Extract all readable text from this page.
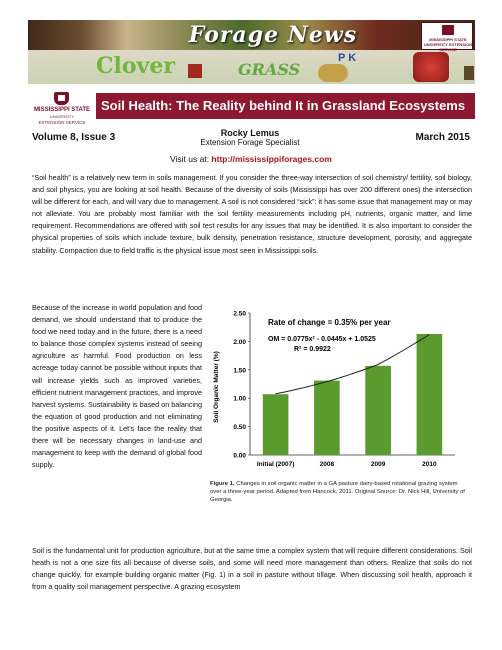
Forage News	MISSISSIPPI STATE UNIVERSITY EXTENSION SERVICE
Clover	GRASS
P K
MISSISSIPPI STATE
UNIVERSITY
EXTENSION SERVICE
Soil Health: The Reality behind It in Grassland Ecosystems
Volume 8, Issue 3	Rocky Lemus
Extension Forage Specialist	March 2015
Visit us at: http://mississippiforages.com
“Soil health” is a relatively new term in soils management. If you consider the three-way intersection of soil chemistry/ fertility, soil biology, and soil physics, you are looking at soil health. Because of the diversity of soils (Mississippi has over 200 different ones) the intersection will be different for each, and will vary due to management. A soil is not considered “sick”: it has some issue that management may or may not alleviate. You are probably most familiar with the soil fertility measurements including pH, nutrients, organic matter, and lime requirement. Recommendations are offered with soil test results for any issues that may be identified. It is also important to consider the physical properties of soils which include texture, bulk density, penetration resistance, structure development, porosity, and aggregate stability. Compaction due to field traffic is the physical issue most seen in Mississippi soils.
Because of the increase in world population and food demand, we should understand that to produce the food we need today and in the future, there is a need to balance those complex systems instead of seeing agriculture as harmful. Food production on less acreage today cannot be possible without inputs that will increase yields such as improved varieties, efficient nutrient management practices, and improve harvest systems. Sustainability is based on balancing the equation of good production and not eliminating the positive aspects of it. Let’s face the reality that there will be necessary changes in land-use and management to keep with the demand of global food supply.
Soil is the fundamental unit for production agriculture, but at the same time a complex system that will require different considerations. Soil heath is not a one size fits all because of diverse soils, and some will need more management than others. Realize that soils do not change quickly, for example building organic matter (Fig. 1) in a soil in pasture without tillage. When discussing soil health, approach it from a quality soil management perspective. A grazing ecosystem
Soil Organic Matter (%)
0.00
0.50
1.00
1.50
2.00
2.50
Initial (2007)	2008	2009	2010
Rate of change = 0.35% per year
OM = 0.0775x² - 0.0445x + 1.0525
R² = 0.9922
Figure 1. Changes in soil organic matter in a GA pasture dairy-based rotational grazing system over a three-year period. Adapted from Hancock, 2011. Original Source: Dr. Nick Hill, University of Georgia.
